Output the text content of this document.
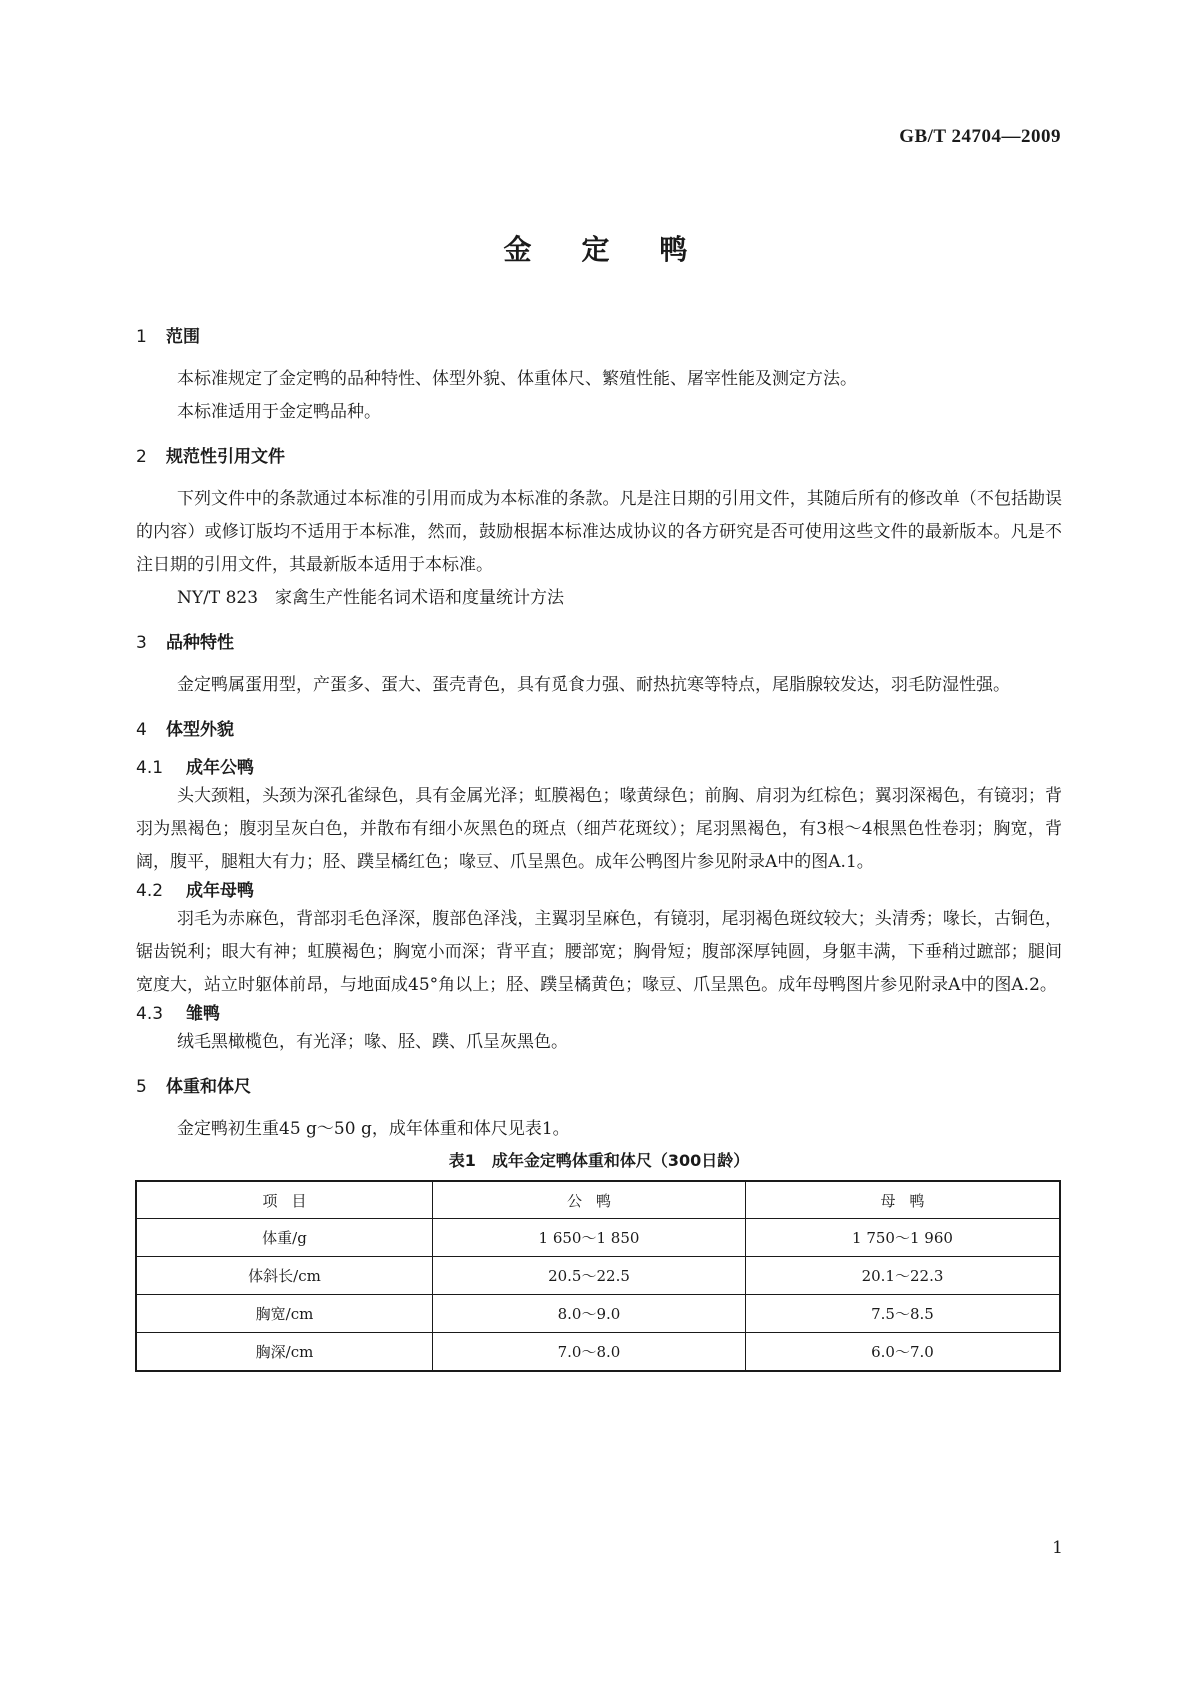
GB/T 24704—2009
金定鸭
1 范围

本标准规定了金定鸭的品种特性、体型外貌、体重体尺、繁殖性能、屠宰性能及测定方法。

本标准适用于金定鸭品种。

2 规范性引用文件

下列文件中的条款通过本标准的引用而成为本标准的条款。凡是注日期的引用文件，其随后所有的修改单（不包括勘误的内容）或修订版均不适用于本标准，然而，鼓励根据本标准达成协议的各方研究是否可使用这些文件的最新版本。凡是不注日期的引用文件，其最新版本适用于本标准。

NY/T 823　家禽生产性能名词术语和度量统计方法

3 品种特性

金定鸭属蛋用型，产蛋多、蛋大、蛋壳青色，具有觅食力强、耐热抗寒等特点，尾脂腺较发达，羽毛防湿性强。

4 体型外貌
4.1 成年公鸭

头大颈粗，头颈为深孔雀绿色，具有金属光泽；虹膜褐色；喙黄绿色；前胸、肩羽为红棕色；翼羽深褐色，有镜羽；背羽为黑褐色；腹羽呈灰白色，并散布有细小灰黑色的斑点（细芦花斑纹）；尾羽黑褐色，有3根～4根黑色性卷羽；胸宽，背阔，腹平，腿粗大有力；胫、蹼呈橘红色；喙豆、爪呈黑色。成年公鸭图片参见附录A中的图A.1。

4.2 成年母鸭

羽毛为赤麻色，背部羽毛色泽深，腹部色泽浅，主翼羽呈麻色，有镜羽，尾羽褐色斑纹较大；头清秀；喙长，古铜色，锯齿锐利；眼大有神；虹膜褐色；胸宽小而深；背平直；腰部宽；胸骨短；腹部深厚钝圆，身躯丰满，下垂稍过蹠部；腿间宽度大，站立时躯体前昂，与地面成45°角以上；胫、蹼呈橘黄色；喙豆、爪呈黑色。成年母鸭图片参见附录A中的图A.2。

4.3 雏鸭

绒毛黑橄榄色，有光泽；喙、胫、蹼、爪呈灰黑色。

5 体重和体尺

金定鸭初生重45 g～50 g，成年体重和体尺见表1。

表1　成年金定鸭体重和体尺（300日龄）
项目	公鸭	母鸭
体重/g	1 650～1 850	1 750～1 960
体斜长/cm	20.5～22.5	20.1～22.3
胸宽/cm	8.0～9.0	7.5～8.5
胸深/cm	7.0～8.0	6.0～7.0
1
